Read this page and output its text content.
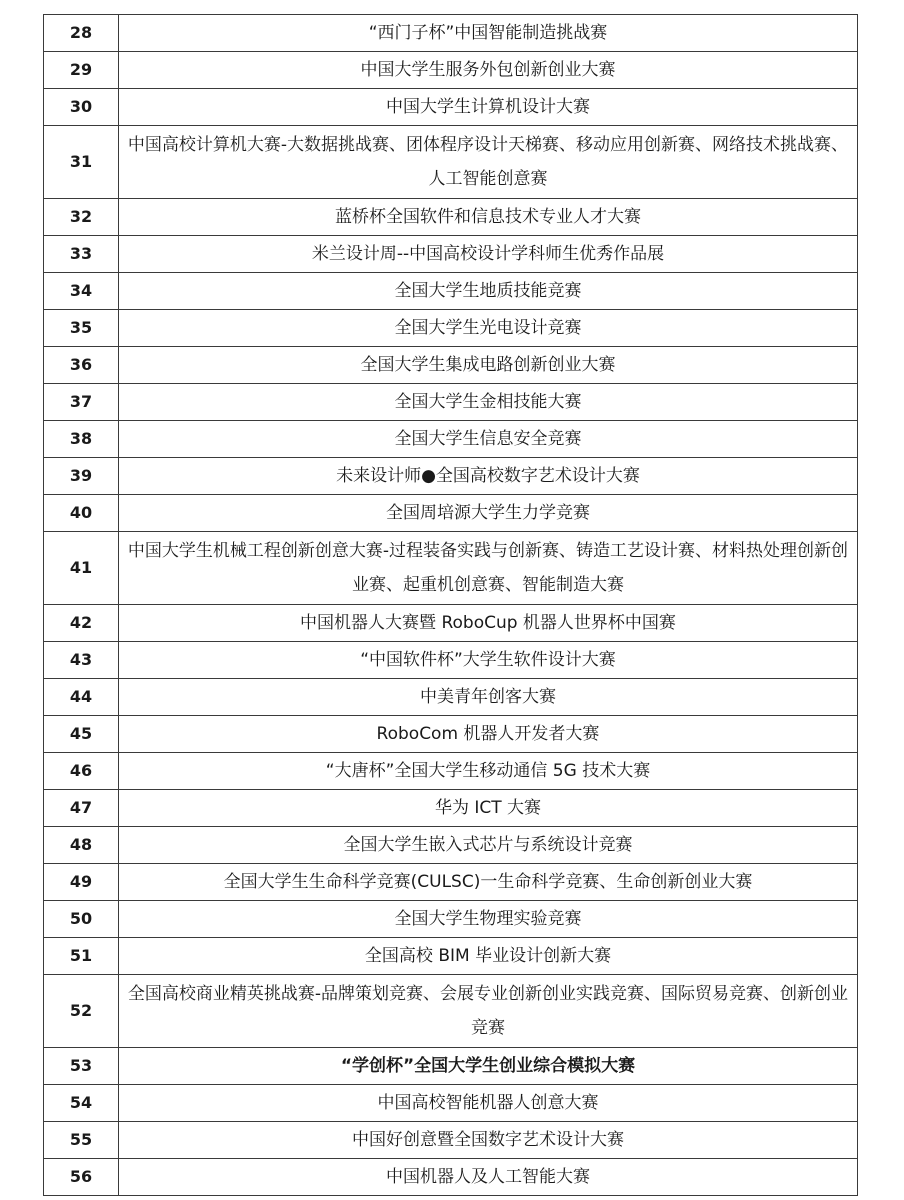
28	“西门子杯”中国智能制造挑战赛
29	中国大学生服务外包创新创业大赛
30	中国大学生计算机设计大赛
31	中国高校计算机大赛-大数据挑战赛、团体程序设计天梯赛、移动应用创新赛、网络技术挑战赛、人工智能创意赛
32	蓝桥杯全国软件和信息技术专业人才大赛
33	米兰设计周--中国高校设计学科师生优秀作品展
34	全国大学生地质技能竞赛
35	全国大学生光电设计竞赛
36	全国大学生集成电路创新创业大赛
37	全国大学生金相技能大赛
38	全国大学生信息安全竞赛
39	未来设计师●全国高校数字艺术设计大赛
40	全国周培源大学生力学竞赛
41	中国大学生机械工程创新创意大赛-过程装备实践与创新赛、铸造工艺设计赛、材料热处理创新创业赛、起重机创意赛、智能制造大赛
42	中国机器人大赛暨 RoboCup 机器人世界杯中国赛
43	“中国软件杯”大学生软件设计大赛
44	中美青年创客大赛
45	RoboCom 机器人开发者大赛
46	“大唐杯”全国大学生移动通信 5G 技术大赛
47	华为 ICT 大赛
48	全国大学生嵌入式芯片与系统设计竞赛
49	全国大学生生命科学竞赛(CULSC)一生命科学竞赛、生命创新创业大赛
50	全国大学生物理实验竞赛
51	全国高校 BIM 毕业设计创新大赛
52	全国高校商业精英挑战赛-品牌策划竞赛、会展专业创新创业实践竞赛、国际贸易竞赛、创新创业竞赛
53	“学创杯”全国大学生创业综合模拟大赛
54	中国高校智能机器人创意大赛
55	中国好创意暨全国数字艺术设计大赛
56	中国机器人及人工智能大赛
